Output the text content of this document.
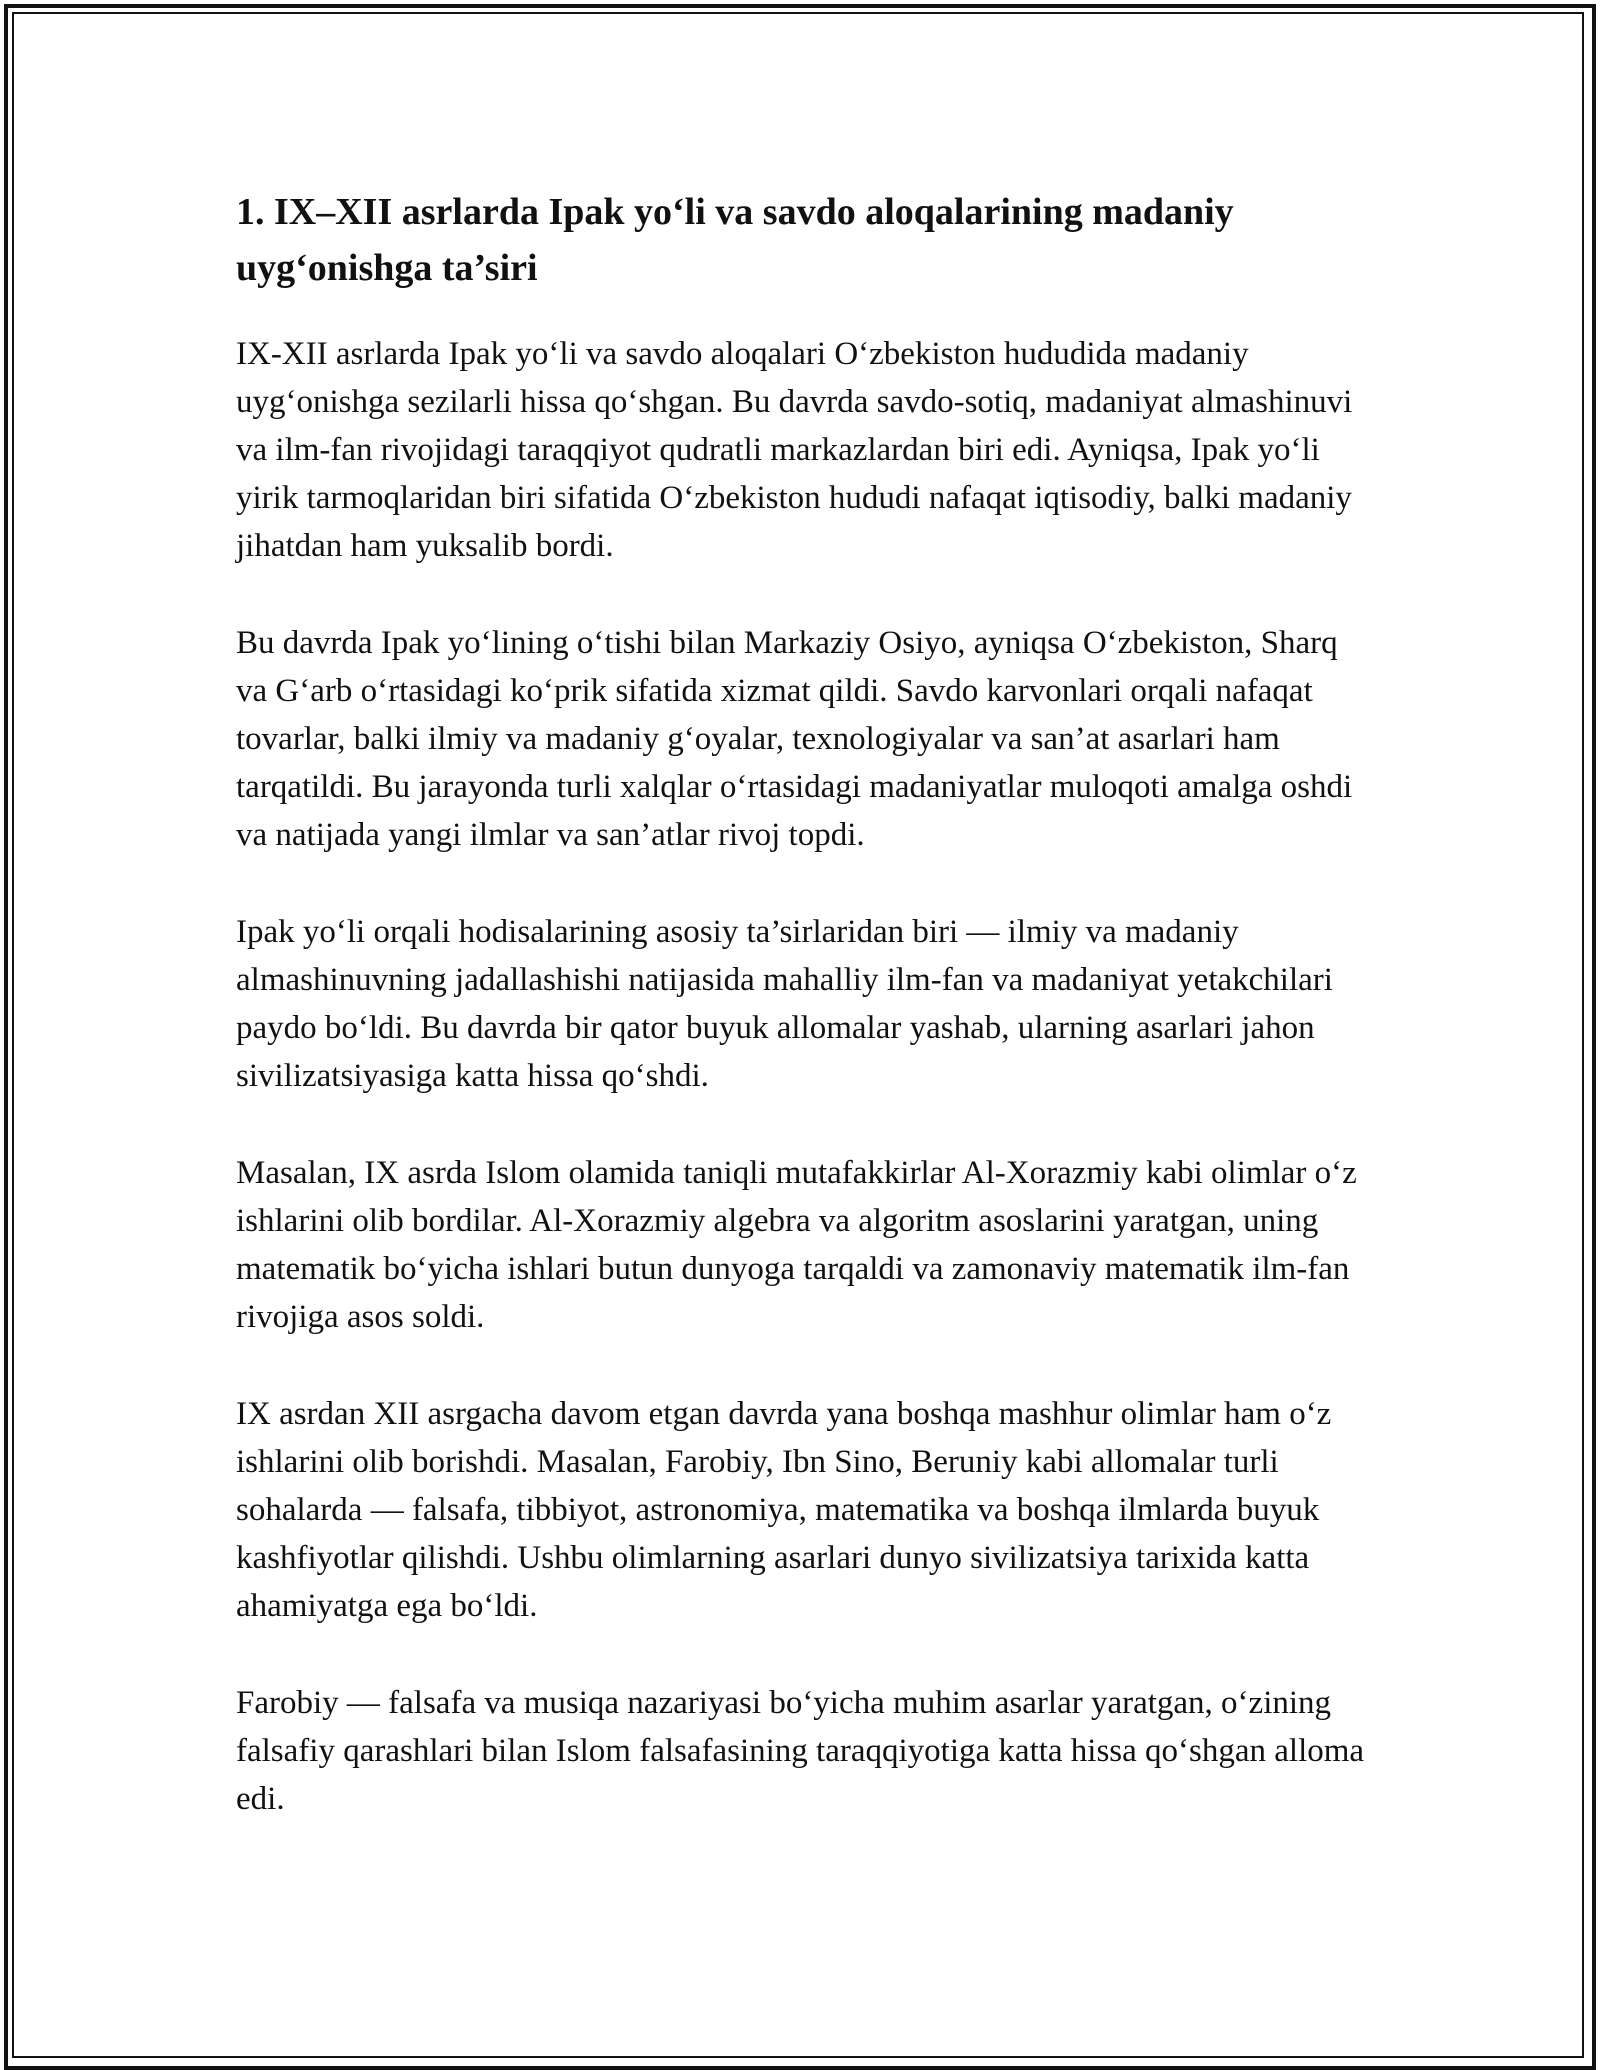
1. IX–XII asrlarda Ipak yo‘li va savdo aloqalarining madaniy uyg‘onishga ta’siri

IX-XII asrlarda Ipak yo‘li va savdo aloqalari O‘zbekiston hududida madaniy uyg‘onishga sezilarli hissa qo‘shgan. Bu davrda savdo-sotiq, madaniyat almashinuvi va ilm-fan rivojidagi taraqqiyot qudratli markazlardan biri edi. Ayniqsa, Ipak yo‘li yirik tarmoqlaridan biri sifatida O‘zbekiston hududi nafaqat iqtisodiy, balki madaniy jihatdan ham yuksalib bordi.

Bu davrda Ipak yo‘lining o‘tishi bilan Markaziy Osiyo, ayniqsa O‘zbekiston, Sharq va G‘arb o‘rtasidagi ko‘prik sifatida xizmat qildi. Savdo karvonlari orqali nafaqat tovarlar, balki ilmiy va madaniy g‘oyalar, texnologiyalar va san’at asarlari ham tarqatildi. Bu jarayonda turli xalqlar o‘rtasidagi madaniyatlar muloqoti amalga oshdi va natijada yangi ilmlar va san’atlar rivoj topdi.

Ipak yo‘li orqali hodisalarining asosiy ta’sirlaridan biri — ilmiy va madaniy almashinuvning jadallashishi natijasida mahalliy ilm-fan va madaniyat yetakchilari paydo bo‘ldi. Bu davrda bir qator buyuk allomalar yashab, ularning asarlari jahon sivilizatsiyasiga katta hissa qo‘shdi.

Masalan, IX asrda Islom olamida taniqli mutafakkirlar Al-Xorazmiy kabi olimlar o‘z ishlarini olib bordilar. Al-Xorazmiy algebra va algoritm asoslarini yaratgan, uning matematik bo‘yicha ishlari butun dunyoga tarqaldi va zamonaviy matematik ilm-fan rivojiga asos soldi.

IX asrdan XII asrgacha davom etgan davrda yana boshqa mashhur olimlar ham o‘z ishlarini olib borishdi. Masalan, Farobiy, Ibn Sino, Beruniy kabi allomalar turli sohalarda — falsafa, tibbiyot, astronomiya, matematika va boshqa ilmlarda buyuk kashfiyotlar qilishdi. Ushbu olimlarning asarlari dunyo sivilizatsiya tarixida katta ahamiyatga ega bo‘ldi.

Farobiy — falsafa va musiqa nazariyasi bo‘yicha muhim asarlar yaratgan, o‘zining falsafiy qarashlari bilan Islom falsafasining taraqqiyotiga katta hissa qo‘shgan alloma edi.
